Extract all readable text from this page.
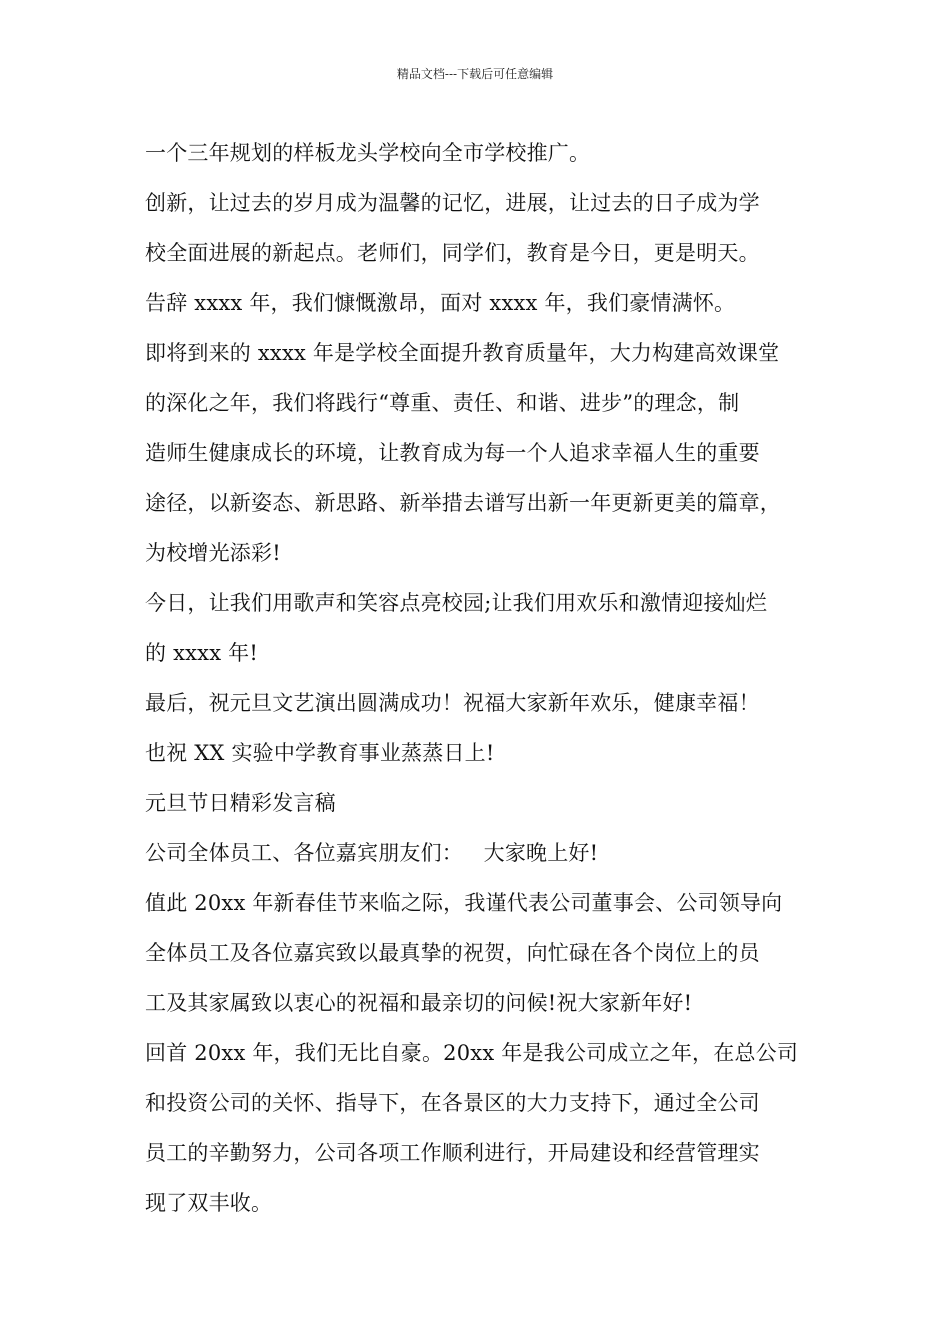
精品文档---下载后可任意编辑
一个三年规划的样板龙头学校向全市学校推广。
创新，让过去的岁月成为温馨的记忆，进展，让过去的日子成为学
校全面进展的新起点。老师们，同学们，教育是今日，更是明天。
告辞 xxxx 年，我们慷慨激昂，面对 xxxx 年，我们豪情满怀。
即将到来的 xxxx 年是学校全面提升教育质量年，大力构建高效课堂
的深化之年，我们将践行“尊重、责任、和谐、进步”的理念，制
造师生健康成长的环境，让教育成为每一个人追求幸福人生的重要
途径，以新姿态、新思路、新举措去谱写出新一年更新更美的篇章，
为校增光添彩!
今日，让我们用歌声和笑容点亮校园;让我们用欢乐和激情迎接灿烂
的 xxxx 年!
最后，祝元旦文艺演出圆满成功！祝福大家新年欢乐，健康幸福！
也祝 XX 实验中学教育事业蒸蒸日上!
元旦节日精彩发言稿
公司全体员工、各位嘉宾朋友们：   大家晚上好!
值此 20xx 年新春佳节来临之际，我谨代表公司董事会、公司领导向
全体员工及各位嘉宾致以最真挚的祝贺，向忙碌在各个岗位上的员
工及其家属致以衷心的祝福和最亲切的问候!祝大家新年好!
回首 20xx 年，我们无比自豪。20xx 年是我公司成立之年，在总公司
和投资公司的关怀、指导下，在各景区的大力支持下，通过全公司
员工的辛勤努力，公司各项工作顺利进行，开局建设和经营管理实
现了双丰收。
